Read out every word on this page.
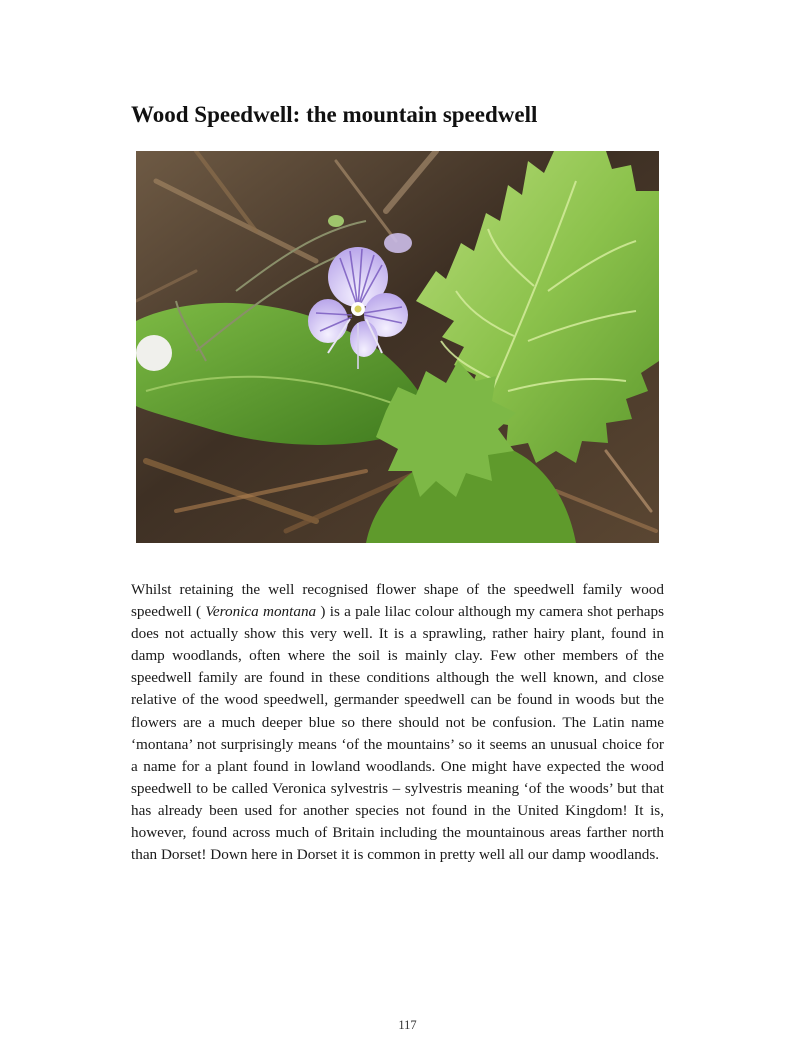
Wood Speedwell: the mountain speedwell

Whilst retaining the well recognised flower shape of the speedwell family wood speedwell ( Veronica montana ) is a pale lilac colour although my camera shot perhaps does not actually show this very well. It is a sprawling, rather hairy plant, found in damp woodlands, often where the soil is mainly clay. Few other members of the speedwell family are found in these conditions although the well known, and close relative of the wood speedwell, germander speedwell can be found in woods but the flowers are a much deeper blue so there should not be confusion. The Latin name ‘montana’ not surprisingly means ‘of the mountains’ so it seems an unusual choice for a name for a plant found in lowland woodlands. One might have expected the wood speedwell to be called Veronica sylvestris – sylvestris meaning ‘of the woods’ but that has already been used for another species not found in the United Kingdom! It is, however, found across much of Britain including the mountainous areas farther north than Dorset! Down here in Dorset it is common in pretty well all our damp woodlands.

117
